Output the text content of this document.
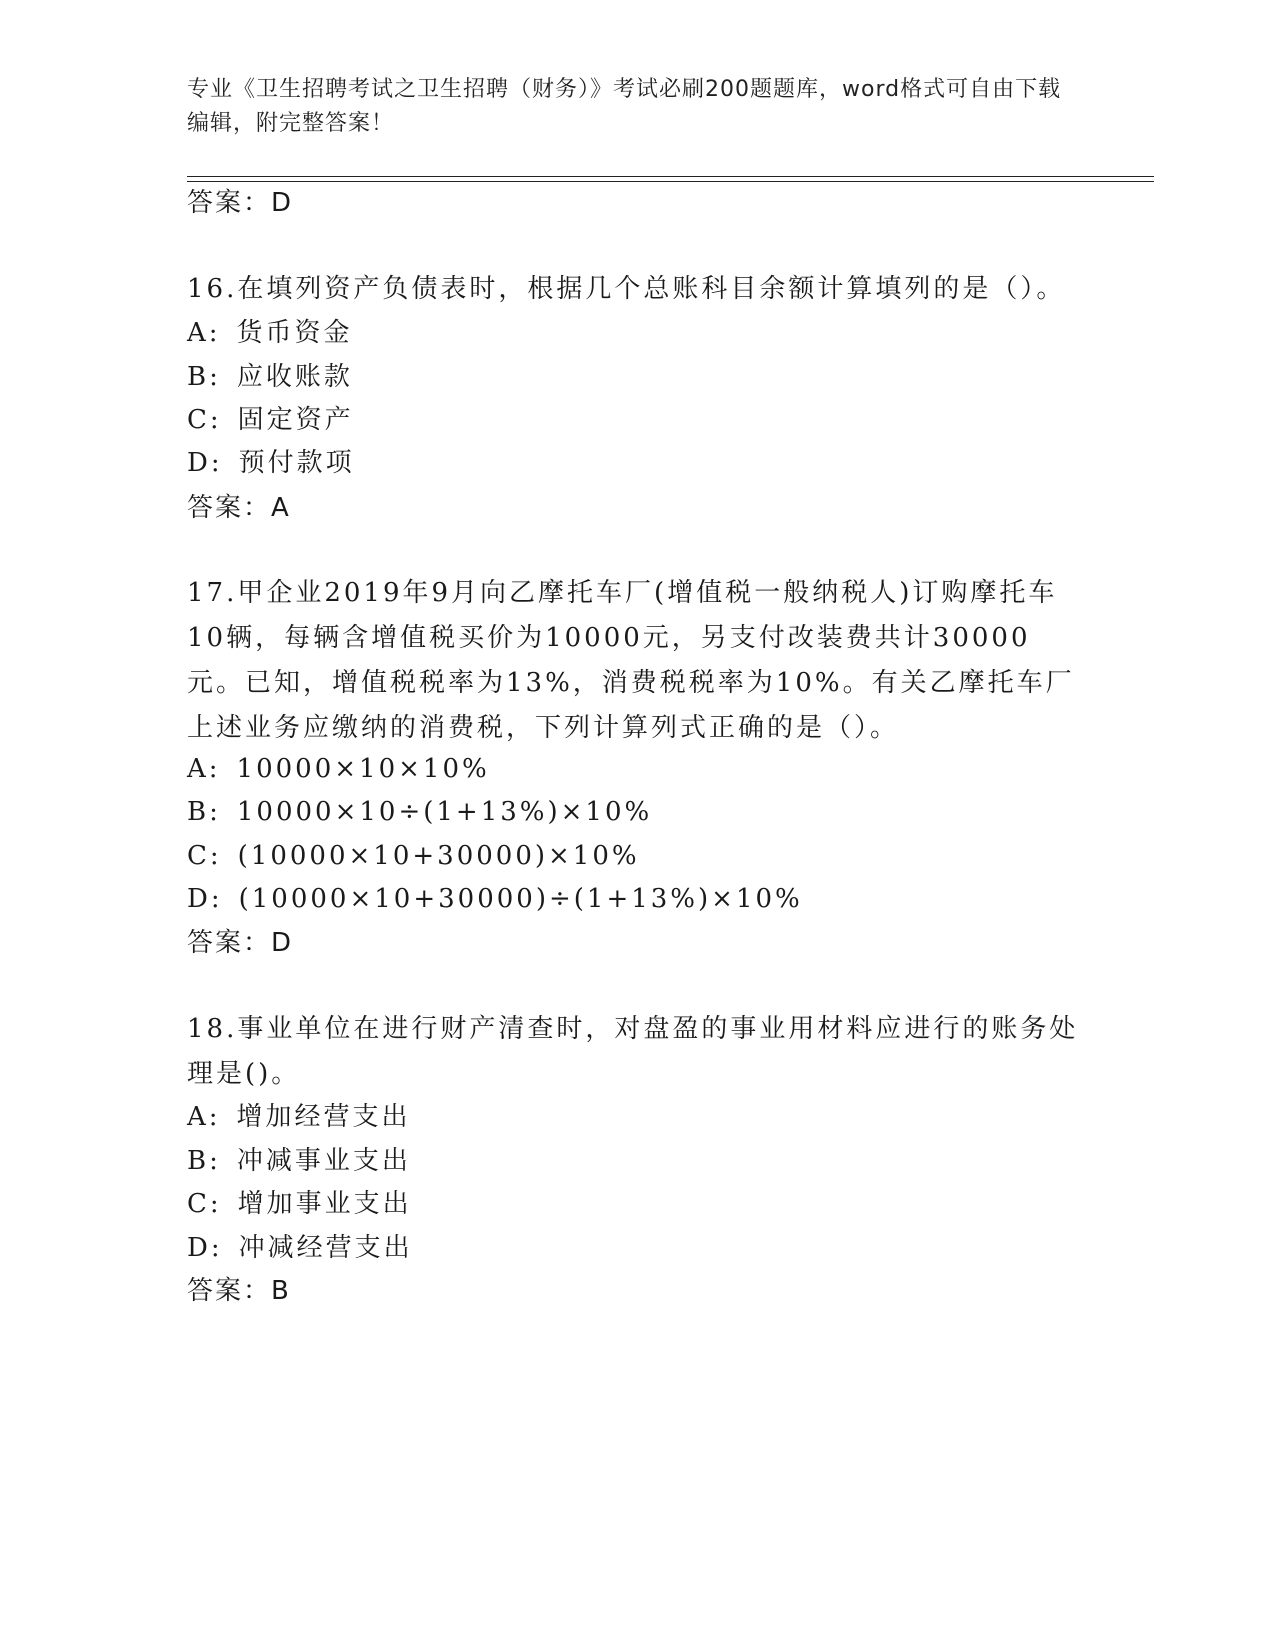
专业《卫生招聘考试之卫生招聘（财务）》考试必刷200题题库，word格式可自由下载编辑，附完整答案！
答案：D
16.在填列资产负债表时，根据几个总账科目余额计算填列的是（）。
A: 货币资金
B: 应收账款
C: 固定资产
D: 预付款项
答案：A
17.甲企业2019年9月向乙摩托车厂(增值税一般纳税人)订购摩托车10辆，每辆含增值税买价为10000元，另支付改装费共计30000元。已知，增值税税率为13%，消费税税率为10%。有关乙摩托车厂上述业务应缴纳的消费税，下列计算列式正确的是（）。
A: 10000×10×10%
B: 10000×10÷(1+13%)×10%
C: (10000×10+30000)×10%
D: (10000×10+30000)÷(1+13%)×10%
答案：D
18.事业单位在进行财产清查时，对盘盈的事业用材料应进行的账务处理是()。
A: 增加经营支出
B: 冲减事业支出
C: 增加事业支出
D: 冲减经营支出
答案：B
